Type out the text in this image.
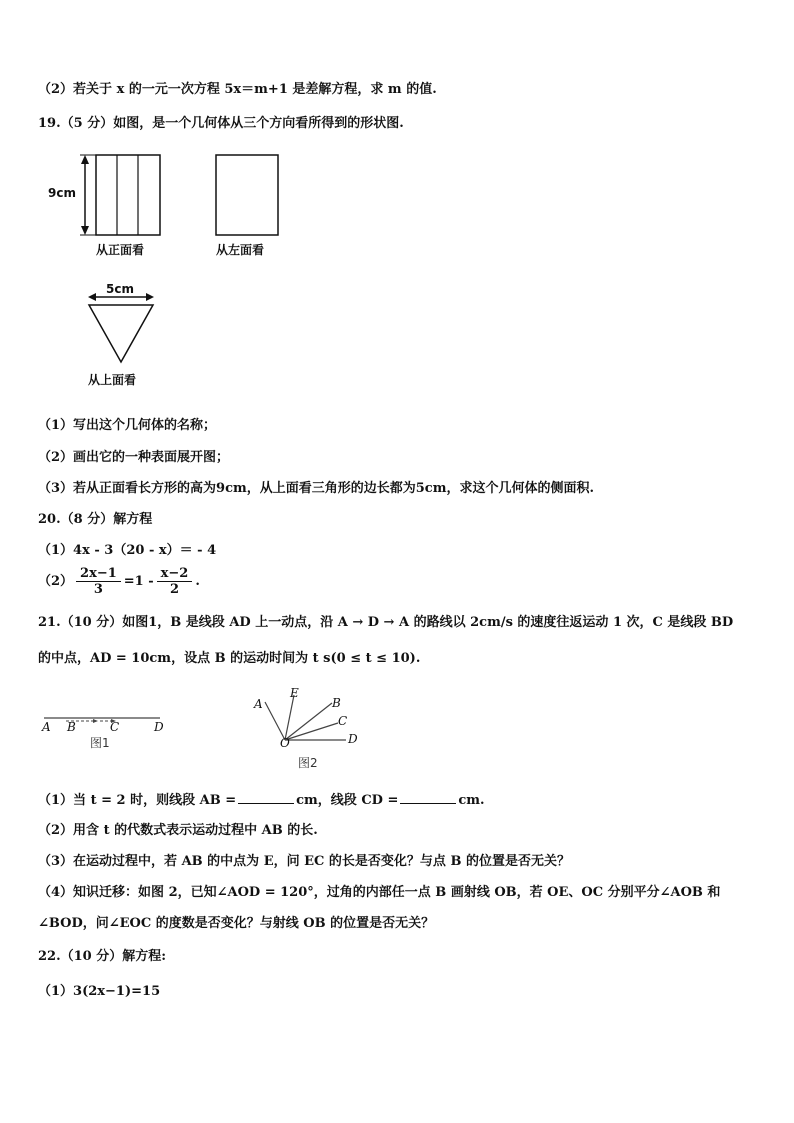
（2）若关于 x 的一元一次方程 5x＝m+1 是差解方程，求 m 的值.
19.（5 分）如图，是一个几何体从三个方向看所得到的形状图.
9cm
从正面看	从左面看
5cm
从上面看
（1）写出这个几何体的名称；
（2）画出它的一种表面展开图；
（3）若从正面看长方形的高为9cm，从上面看三角形的边长都为5cm，求这个几何体的侧面积.
20.（8 分）解方程
（1）4x - 3（20 - x）＝ - 4
$(2) \frac{2x-1}{3} =1 - \frac{x-2}{2}$ .
21.（10 分）如图1，B 是线段 AD 上一动点，沿 A → D → A 的路线以 2cm/s 的速度往返运动 1 次，C 是线段 BD
的中点，AD = 10cm，设点 B 的运动时间为 t s(0 ≤ t ≤ 10).
A B	C	D
图1
A
E
B
C
D
O
图2
（1）当 t = 2 时，则线段 AB =	cm，线段 CD =	cm.
（2）用含 t 的代数式表示运动过程中 AB 的长.
（3）在运动过程中，若 AB 的中点为 E，问 EC 的长是否变化？与点 B 的位置是否无关？
（4）知识迁移：如图 2，已知∠AOD = 120°，过角的内部任一点 B 画射线 OB，若 OE、OC 分别平分∠AOB 和
∠BOD，问∠EOC 的度数是否变化？与射线 OB 的位置是否无关？
22.（10 分）解方程:
（1）3(2x−1)=15
